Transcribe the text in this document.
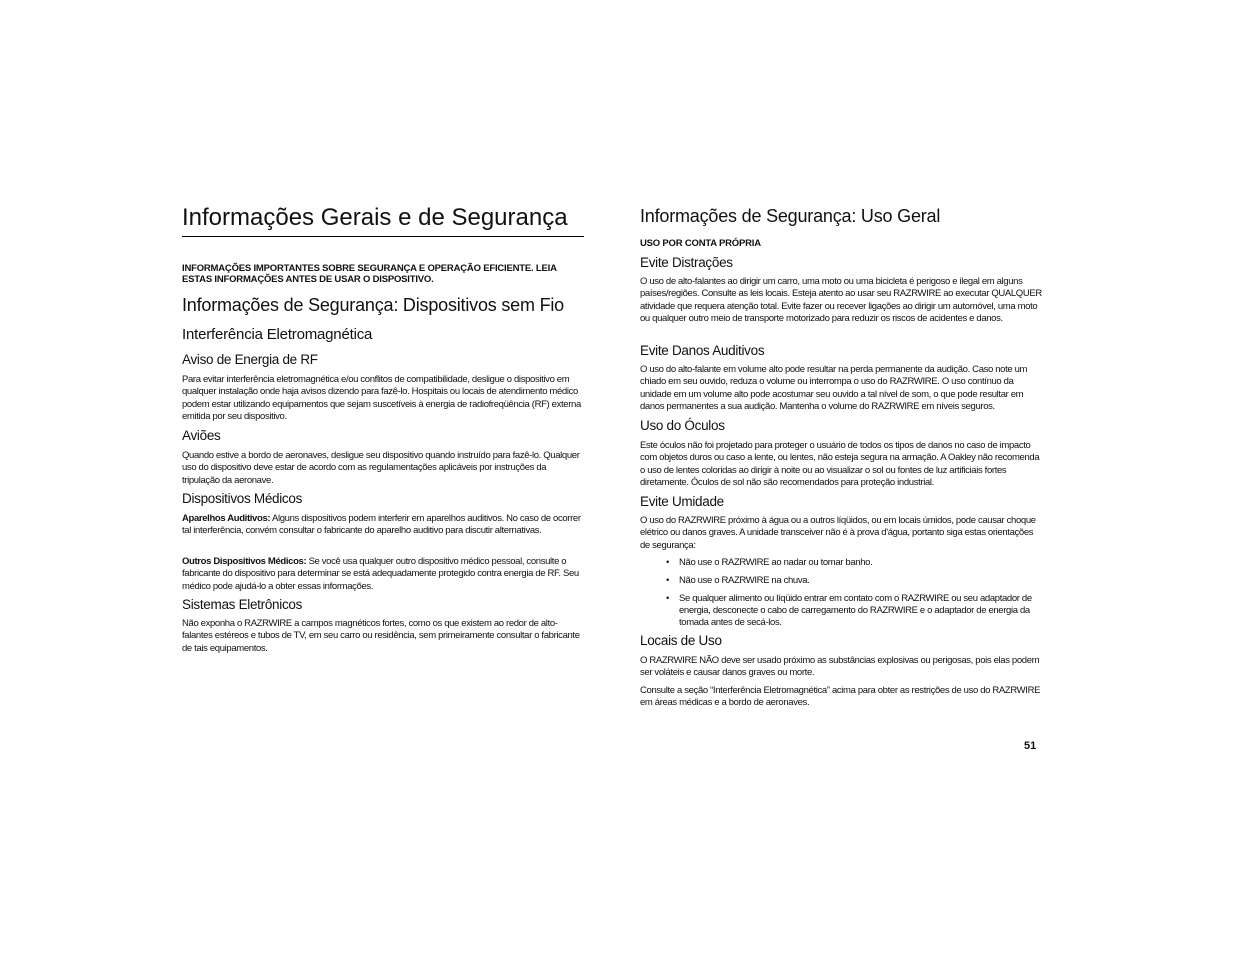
Informações Gerais e de Segurança

INFORMAÇÕES IMPORTANTES SOBRE SEGURANÇA E OPERAÇÃO EFICIENTE. LEIA ESTAS INFORMAÇÕES ANTES DE USAR O DISPOSITIVO.

Informações de Segurança: Dispositivos sem Fio
Interferência Eletromagnética
Aviso de Energia de RF

Para evitar interferência eletromagnética e/ou conflitos de compatibilidade, desligue o dispositivo em qualquer instalação onde haja avisos dizendo para fazê-lo. Hospitais ou locais de atendimento médico podem estar utilizando equipamentos que sejam suscetíveis à energia de radiofreqüência (RF) externa emitida por seu dispositivo.

Aviões

Quando estive a bordo de aeronaves, desligue seu dispositivo quando instruído para fazê-lo. Qualquer uso do dispositivo deve estar de acordo com as regulamentações aplicáveis por instruções da tripulação da aeronave.

Dispositivos Médicos

Aparelhos Auditivos: Alguns dispositivos podem interferir em aparelhos auditivos. No caso de ocorrer tal interferência, convém consultar o fabricante do aparelho auditivo para discutir alternativas.

Outros Dispositivos Médicos: Se você usa qualquer outro dispositivo médico pessoal, consulte o fabricante do dispositivo para determinar se está adequadamente protegido contra energia de RF. Seu médico pode ajudá-lo a obter essas informações.

Sistemas Eletrônicos

Não exponha o RAZRWIRE a campos magnéticos fortes, como os que existem ao redor de alto-falantes estéreos e tubos de TV, em seu carro ou residência, sem primeiramente consultar o fabricante de tais equipamentos.

Informações de Segurança: Uso Geral

USO POR CONTA PRÓPRIA

Evite Distrações

O uso de alto-falantes ao dirigir um carro, uma moto ou uma bicicleta é perigoso e ilegal em alguns países/regiões. Consulte as leis locais. Esteja atento ao usar seu RAZRWIRE ao executar QUALQUER atividade que requera atenção total. Evite fazer ou recever ligações ao dirigir um automóvel, uma moto ou qualquer outro meio de transporte motorizado para reduzir os riscos de acidentes e danos.

Evite Danos Auditivos

O uso do alto-falante em volume alto pode resultar na perda permanente da audição. Caso note um chiado em seu ouvido, reduza o volume ou interrompa o uso do RAZRWIRE. O uso contínuo da unidade em um volume alto pode acostumar seu ouvido a tal nível de som, o que pode resultar em danos permanentes a sua audição. Mantenha o volume do RAZRWIRE em níveis seguros.

Uso do Óculos

Este óculos não foi projetado para proteger o usuário de todos os tipos de danos no caso de impacto com objetos duros ou caso a lente, ou lentes, não esteja segura na armação. A Oakley não recomenda o uso de lentes coloridas ao dirigir à noite ou ao visualizar o sol ou fontes de luz artificiais fortes diretamente. Óculos de sol não são recomendados para proteção industrial.

Evite Umidade

O uso do RAZRWIRE próximo à água ou a outros líqüidos, ou em locais úmidos, pode causar choque elétrico ou danos graves. A unidade transceiver não é à prova d'água, portanto siga estas orientações de segurança:

• Não use o RAZRWIRE ao nadar ou tomar banho.
• Não use o RAZRWIRE na chuva.
• Se qualquer alimento ou líqüido entrar em contato com o RAZRWIRE ou seu adaptador de energia, desconecte o cabo de carregamento do RAZRWIRE e o adaptador de energia da tomada antes de secá-los.
Locais de Uso

O RAZRWIRE NÃO deve ser usado próximo as substâncias explosivas ou perigosas, pois elas podem ser voláteis e causar danos graves ou morte.

Consulte a seção “Interferência Eletromagnética” acima para obter as restrições de uso do RAZRWIRE em áreas médicas e a bordo de aeronaves.

51
